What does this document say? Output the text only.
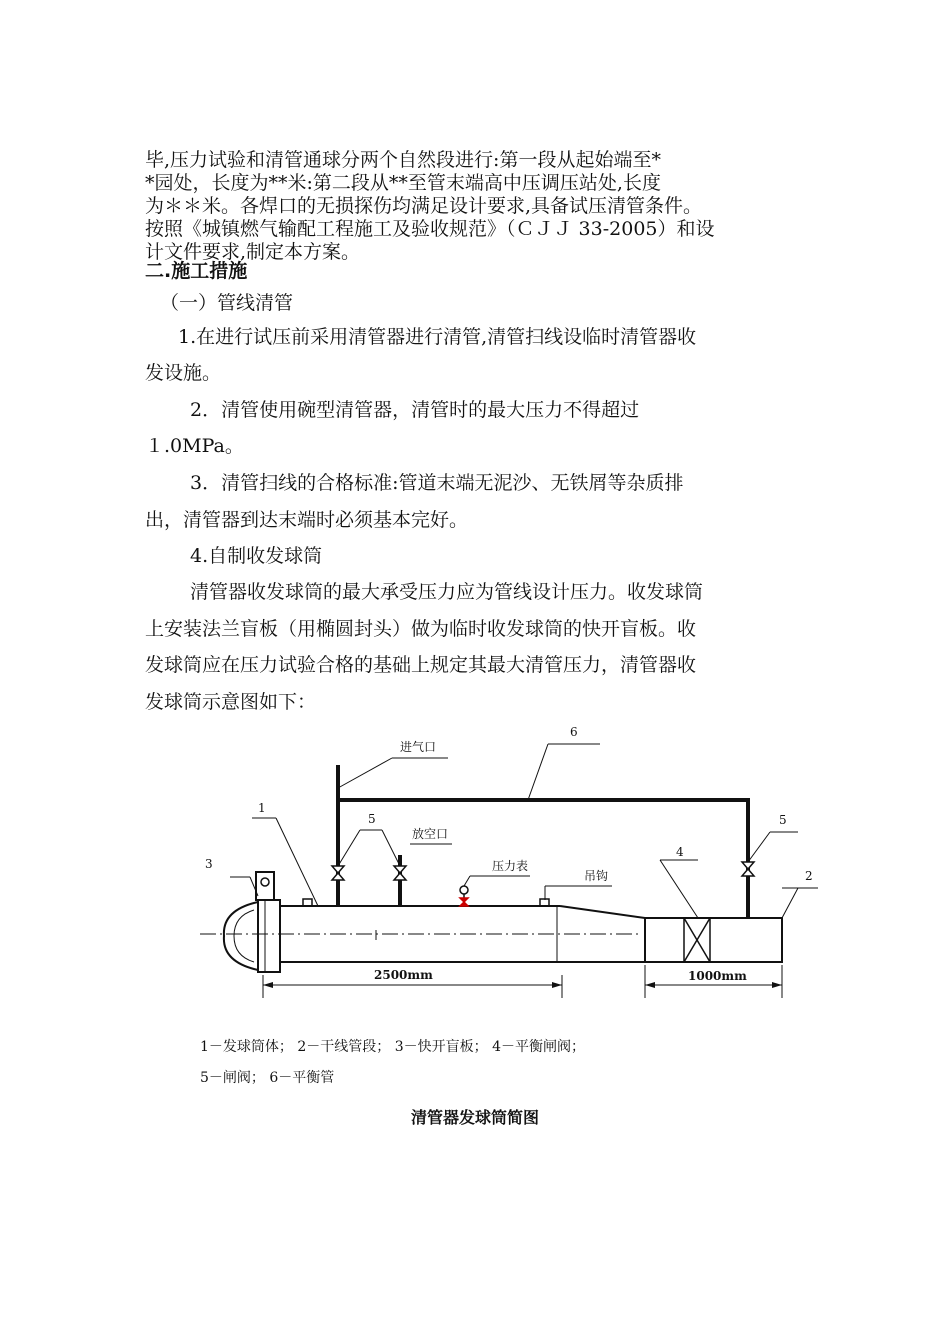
毕,压力试验和清管通球分两个自然段进行:第一段从起始端至*

*园处，长度为**米:第二段从**至管末端高中压调压站处,长度

为＊＊米。各焊口的无损探伤均满足设计要求,具备试压清管条件。

按照《城镇燃气输配工程施工及验收规范》（ＣＪＪ 33-2005）和设

计文件要求,制定本方案。

二.施工措施

（一）管线清管

1.在进行试压前采用清管器进行清管,清管扫线设临时清管器收

发设施。

2．清管使用碗型清管器，清管时的最大压力不得超过

１.0MPa。

3．清管扫线的合格标准:管道末端无泥沙、无铁屑等杂质排

出，清管器到达末端时必须基本完好。

4.自制收发球筒

清管器收发球筒的最大承受压力应为管线设计压力。收发球筒

上安装法兰盲板（用椭圆封头）做为临时收发球筒的快开盲板。收

发球筒应在压力试验合格的基础上规定其最大清管压力，清管器收

发球筒示意图如下：

进气口
放空口
压力表
吊钩
1
3
5
6
4
5
2
2500mm	1000mm
1－发球筒体； 2－干线管段； 3－快开盲板； 4－平衡闸阀；
5－闸阀； 6－平衡管
清管器发球筒简图
